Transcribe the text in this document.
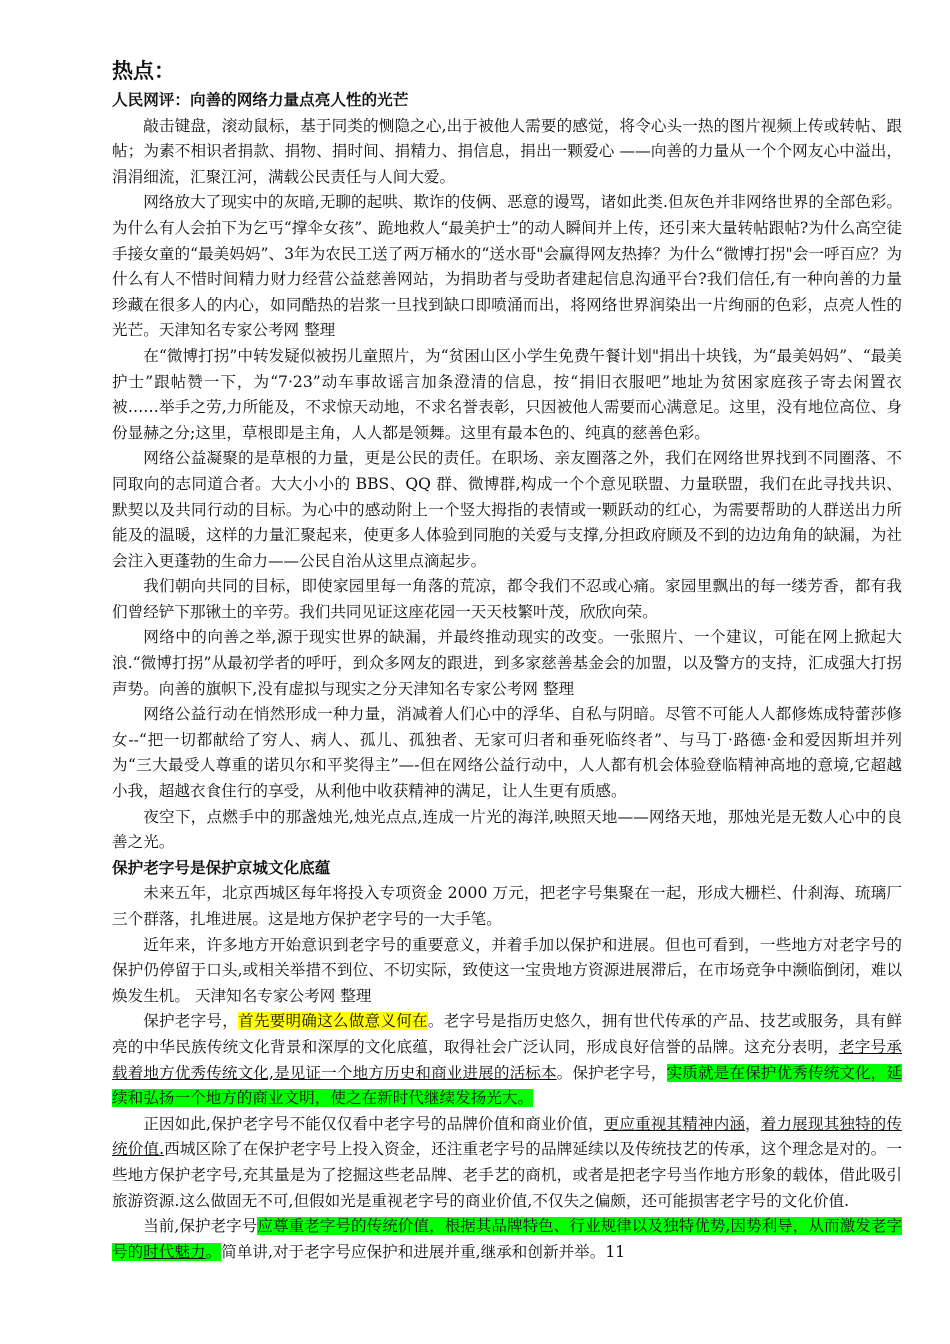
热点：
人民网评：向善的网络力量点亮人性的光芒

敲击键盘，滚动鼠标，基于同类的恻隐之心,出于被他人需要的感觉，将令心头一热的图片视频上传或转帖、跟帖；为素不相识者捐款、捐物、捐时间、捐精力、捐信息，捐出一颗爱心 ——向善的力量从一个个网友心中溢出，涓涓细流，汇聚江河，满载公民责任与人间大爱。

网络放大了现实中的灰暗,无聊的起哄、欺诈的伎俩、恶意的谩骂，诸如此类.但灰色并非网络世界的全部色彩。为什么有人会拍下为乞丐“撑伞女孩”、跪地救人“最美护士”的动人瞬间并上传，还引来大量转帖跟帖?为什么高空徒手接女童的“最美妈妈”、3年为农民工送了两万桶水的“送水哥"会赢得网友热捧？为什么“微博打拐"会一呼百应？为什么有人不惜时间精力财力经营公益慈善网站，为捐助者与受助者建起信息沟通平台?我们信任,有一种向善的力量珍藏在很多人的内心，如同酷热的岩浆一旦找到缺口即喷涌而出，将网络世界润染出一片绚丽的色彩，点亮人性的光芒。天津知名专家公考网 整理

在“微博打拐”中转发疑似被拐儿童照片，为“贫困山区小学生免费午餐计划"捐出十块钱，为“最美妈妈”、“最美护士”跟帖赞一下，为“7·23”动车事故谣言加条澄清的信息，按“捐旧衣服吧”地址为贫困家庭孩子寄去闲置衣被……举手之劳,力所能及，不求惊天动地，不求名誉表彰，只因被他人需要而心满意足。这里，没有地位高位、身份显赫之分;这里，草根即是主角，人人都是领舞。这里有最本色的、纯真的慈善色彩。

网络公益凝聚的是草根的力量，更是公民的责任。在职场、亲友圈落之外，我们在网络世界找到不同圈落、不同取向的志同道合者。大大小小的 BBS、QQ 群、微博群,构成一个个意见联盟、力量联盟，我们在此寻找共识、默契以及共同行动的目标。为心中的感动附上一个竖大拇指的表情或一颗跃动的红心，为需要帮助的人群送出力所能及的温暖，这样的力量汇聚起来，使更多人体验到同胞的关爱与支撑,分担政府顾及不到的边边角角的缺漏，为社会注入更蓬勃的生命力——公民自治从这里点滴起步。

我们朝向共同的目标，即使家园里每一角落的荒凉，都令我们不忍或心痛。家园里飘出的每一缕芳香，都有我们曾经铲下那锹土的辛劳。我们共同见证这座花园一天天枝繁叶茂，欣欣向荣。

网络中的向善之举,源于现实世界的缺漏，并最终推动现实的改变。一张照片、一个建议，可能在网上掀起大浪.“微博打拐”从最初学者的呼吁，到众多网友的跟进，到多家慈善基金会的加盟，以及警方的支持，汇成强大打拐声势。向善的旗帜下,没有虚拟与现实之分天津知名专家公考网 整理

网络公益行动在悄然形成一种力量，消减着人们心中的浮华、自私与阴暗。尽管不可能人人都修炼成特蕾莎修女--“把一切都献给了穷人、病人、孤儿、孤独者、无家可归者和垂死临终者”、与马丁·路德·金和爱因斯坦并列为“三大最受人尊重的诺贝尔和平奖得主”—-但在网络公益行动中，人人都有机会体验登临精神高地的意境,它超越小我，超越衣食住行的享受，从利他中收获精神的满足，让人生更有质感。

夜空下，点燃手中的那盏烛光,烛光点点,连成一片光的海洋,映照天地——网络天地，那烛光是无数人心中的良善之光。

保护老字号是保护京城文化底蕴

未来五年，北京西城区每年将投入专项资金 2000 万元，把老字号集聚在一起，形成大栅栏、什刹海、琉璃厂三个群落，扎堆进展。这是地方保护老字号的一大手笔。

近年来，许多地方开始意识到老字号的重要意义，并着手加以保护和进展。但也可看到，一些地方对老字号的保护仍停留于口头,或相关举措不到位、不切实际，致使这一宝贵地方资源进展滞后，在市场竞争中濒临倒闭，难以焕发生机。 天津知名专家公考网 整理

保护老字号，首先要明确这么做意义何在。老字号是指历史悠久，拥有世代传承的产品、技艺或服务，具有鲜亮的中华民族传统文化背景和深厚的文化底蕴，取得社会广泛认同，形成良好信誉的品牌。这充分表明，老字号承载着地方优秀传统文化,是见证一个地方历史和商业进展的活标本。保护老字号，实质就是在保护优秀传统文化，延续和弘扬一个地方的商业文明，使之在新时代继续发扬光大。

正因如此,保护老字号不能仅仅看中老字号的品牌价值和商业价值，更应重视其精神内涵，着力展现其独特的传统价值.西城区除了在保护老字号上投入资金，还注重老字号的品牌延续以及传统技艺的传承，这个理念是对的。一些地方保护老字号,充其量是为了挖掘这些老品牌、老手艺的商机，或者是把老字号当作地方形象的载体，借此吸引旅游资源.这么做固无不可,但假如光是重视老字号的商业价值,不仅失之偏颇，还可能损害老字号的文化价值.

当前,保护老字号应尊重老字号的传统价值，根据其品牌特色、行业规律以及独特优势,因势利导，从而激发老字号的时代魅力。简单讲,对于老字号应保护和进展并重,继承和创新并举。11
